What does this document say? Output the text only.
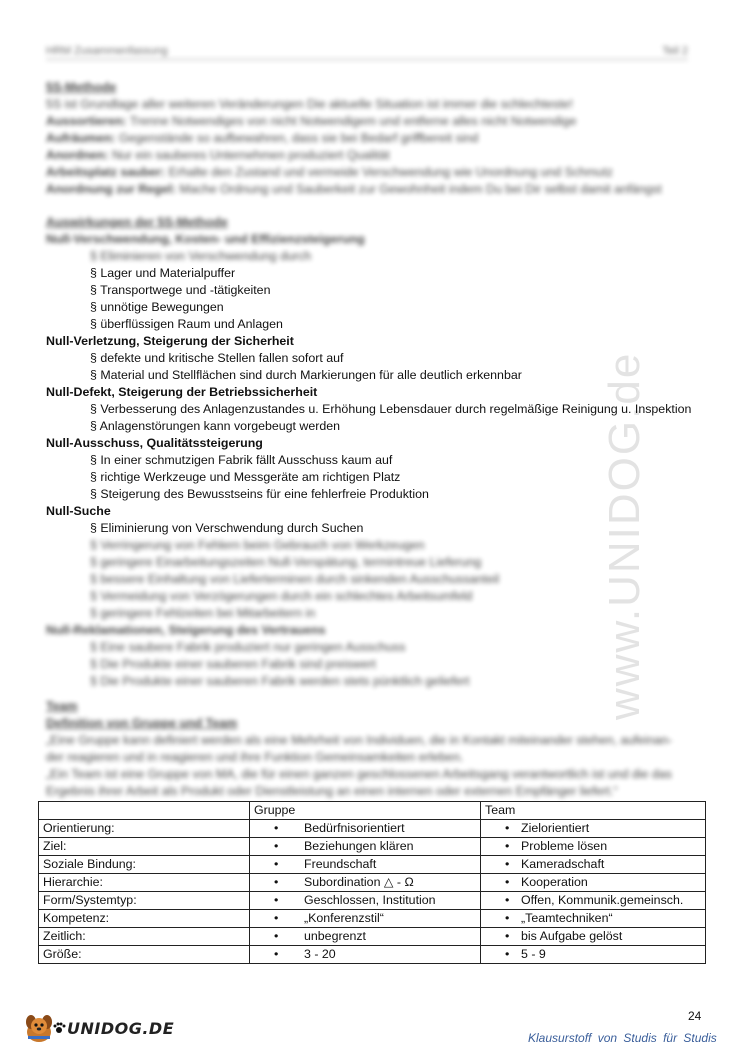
HRM Zusammenfassung	Teil 2
www.UNIDOG.de
5S-Methode
5S ist Grundlage aller weiteren Veränderungen Die aktuelle Situation ist immer die schlechteste!
Aussortieren: Trenne Notwendiges von nicht Notwendigem und entferne alles nicht Notwendige
Aufräumen: Gegenstände so aufbewahren, dass sie bei Bedarf griffbereit sind
Anordnen: Nur ein sauberes Unternehmen produziert Qualität
Arbeitsplatz sauber: Erhalte den Zustand und vermeide Verschwendung wie Unordnung und Schmutz
Anordnung zur Regel: Mache Ordnung und Sauberkeit zur Gewohnheit indem Du bei Dir selbst damit anfängst
Auswirkungen der 5S-Methode
Null-Verschwendung, Kosten- und Effizienzsteigerung
§ Eliminieren von Verschwendung durch
§ Lager und Materialpuffer
§ Transportwege und -tätigkeiten
§ unnötige Bewegungen
§ überflüssigen Raum und Anlagen
Null-Verletzung, Steigerung der Sicherheit
§ defekte und kritische Stellen fallen sofort auf
§ Material und Stellflächen sind durch Markierungen für alle deutlich erkennbar
Null-Defekt, Steigerung der Betriebssicherheit
§ Verbesserung des Anlagenzustandes u. Erhöhung Lebensdauer durch regelmäßige Reinigung u. Inspektion
§ Anlagenstörungen kann vorgebeugt werden
Null-Ausschuss, Qualitätssteigerung
§ In einer schmutzigen Fabrik fällt Ausschuss kaum auf
§ richtige Werkzeuge und Messgeräte am richtigen Platz
§ Steigerung des Bewusstseins für eine fehlerfreie Produktion
Null-Suche
§ Eliminierung von Verschwendung durch Suchen
§ Verringerung von Fehlern beim Gebrauch von Werkzeugen
§ geringere Einarbeitungszeiten Null-Verspätung, termintreue Lieferung
§ bessere Einhaltung von Lieferterminen durch sinkenden Ausschussanteil
§ Vermeidung von Verzögerungen durch ein schlechtes Arbeitsumfeld
§ geringere Fehlzeiten bei Mitarbeitern in
Null-Reklamationen, Steigerung des Vertrauens
§ Eine saubere Fabrik produziert nur geringen Ausschuss
§ Die Produkte einer sauberen Fabrik sind preiswert
§ Die Produkte einer sauberen Fabrik werden stets pünktlich geliefert
Team
Definition von Gruppe und Team
„Eine Gruppe kann definiert werden als eine Mehrheit von Individuen, die in Kontakt miteinander stehen, aufeinan-
der reagieren und in reagieren und ihre Funktion Gemeinsamkeiten erleben.
„Ein Team ist eine Gruppe von MA, die für einen ganzen geschlossenen Arbeitsgang verantwortlich ist und die das
Ergebnis ihrer Arbeit als Produkt oder Dienstleistung an einen internen oder externen Empfänger liefert.“
	Gruppe	Team
Orientierung:	• Bedürfnisorientiert	• Zielorientiert
Ziel:	• Beziehungen klären	• Probleme lösen
Soziale Bindung:	• Freundschaft	• Kameradschaft
Hierarchie:	• Subordination △ - Ω	• Kooperation
Form/Systemtyp:	• Geschlossen, Institution	• Offen, Kommunik.gemeinsch.
Kompetenz:	• „Konferenzstil“	• „Teamtechniken“
Zeitlich:	• unbegrenzt	• bis Aufgabe gelöst
Größe:	• 3 - 20	• 5 - 9
24
UNIDOG.DE
Klausurstoff von Studis für Studis
